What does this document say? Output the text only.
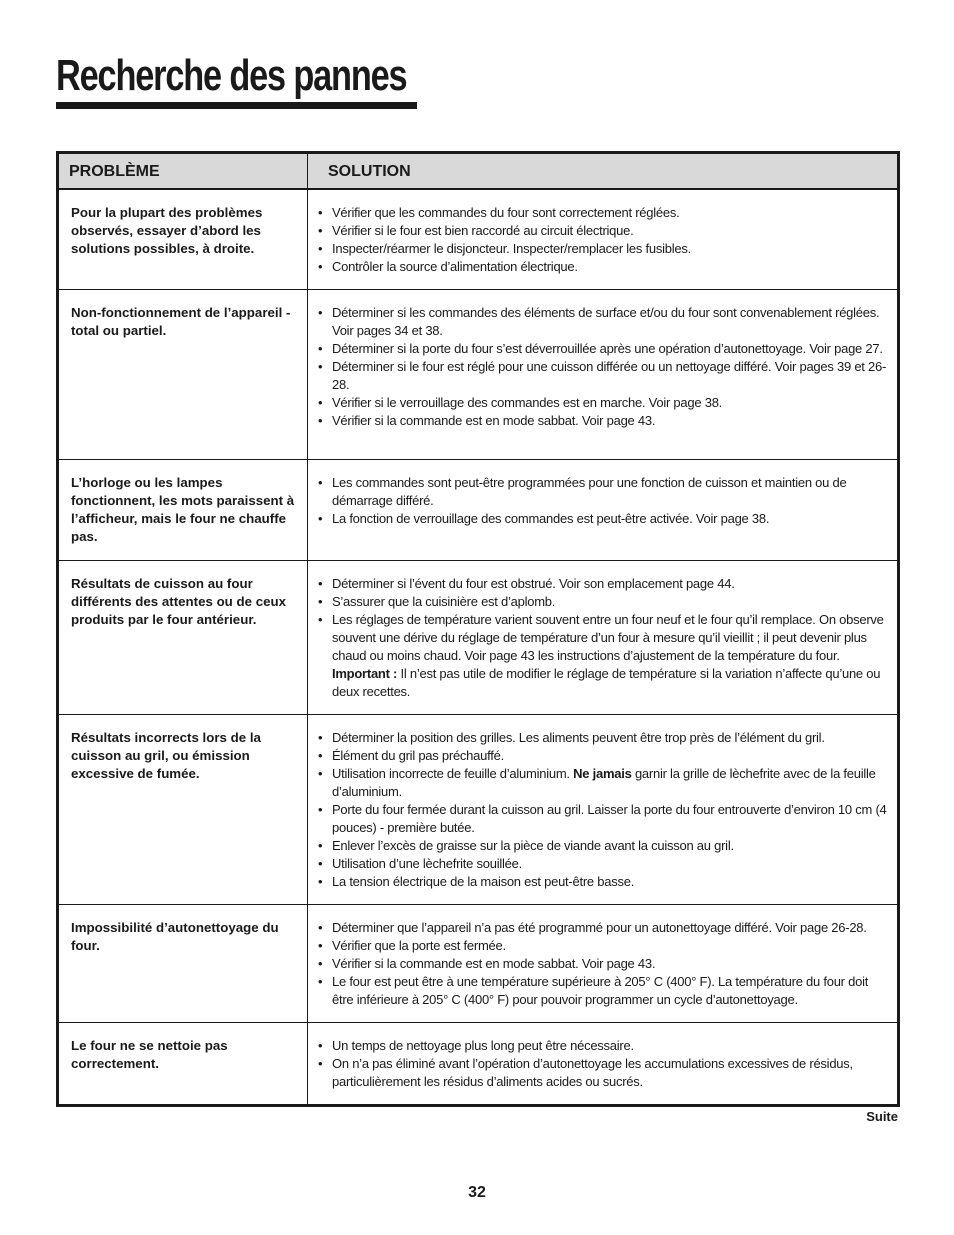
Recherche des pannes
PROBLÈME	SOLUTION
Pour la plupart des problèmes observés, essayer d’abord les solutions possibles, à droite.
• Vérifier que les commandes du four sont correctement réglées.
• Vérifier si le four est bien raccordé au circuit électrique.
• Inspecter/réarmer le disjoncteur. Inspecter/remplacer les fusibles.
• Contrôler la source d’alimentation électrique.
Non-fonctionnement de l’appareil - total ou partiel.
• Déterminer si les commandes des éléments de surface et/ou du four sont convenablement réglées. Voir pages 34 et 38.
• Déterminer si la porte du four s’est déverrouillée après une opération d’autonettoyage. Voir page 27.
• Déterminer si le four est réglé pour une cuisson différée ou un nettoyage différé. Voir pages 39 et 26-28.
• Vérifier si le verrouillage des commandes est en marche. Voir page 38.
• Vérifier si la commande est en mode sabbat. Voir page 43.
L’horloge ou les lampes fonctionnent, les mots paraissent à l’afficheur, mais le four ne chauffe pas.
• Les commandes sont peut-être programmées pour une fonction de cuisson et maintien ou de démarrage différé.
• La fonction de verrouillage des commandes est peut-être activée. Voir page 38.
Résultats de cuisson au four différents des attentes ou de ceux produits par le four antérieur.
• Déterminer si l’évent du four est obstrué. Voir son emplacement page 44.
• S’assurer que la cuisinière est d’aplomb.
• Les réglages de température varient souvent entre un four neuf et le four qu’il remplace. On observe souvent une dérive du réglage de température d’un four à mesure qu’il vieillit ; il peut devenir plus chaud ou moins chaud. Voir page 43 les instructions d’ajustement de la température du four. Important : Il n’est pas utile de modifier le réglage de température si la variation n’affecte qu’une ou deux recettes.
Résultats incorrects lors de la cuisson au gril, ou émission excessive de fumée.
• Déterminer la position des grilles. Les aliments peuvent être trop près de l’élément du gril.
• Élément du gril pas préchauffé.
• Utilisation incorrecte de feuille d’aluminium. Ne jamais garnir la grille de lèchefrite avec de la feuille d’aluminium.
• Porte du four fermée durant la cuisson au gril. Laisser la porte du four entrouverte d’environ 10 cm (4 pouces) - première butée.
• Enlever l’excès de graisse sur la pièce de viande avant la cuisson au gril.
• Utilisation d’une lèchefrite souillée.
• La tension électrique de la maison est peut-être basse.
Impossibilité d’autonettoyage du four.
• Déterminer que l’appareil n’a pas été programmé pour un autonettoyage différé. Voir page 26-28.
• Vérifier que la porte est fermée.
• Vérifier si la commande est en mode sabbat. Voir page 43.
• Le four est peut être à une température supérieure à 205° C (400° F). La température du four doit être inférieure à 205° C (400° F) pour pouvoir programmer un cycle d’autonettoyage.
Le four ne se nettoie pas correctement.
• Un temps de nettoyage plus long peut être nécessaire.
• On n’a pas éliminé avant l’opération d’autonettoyage les accumulations excessives de résidus, particulièrement les résidus d’aliments acides ou sucrés.
Suite
32
